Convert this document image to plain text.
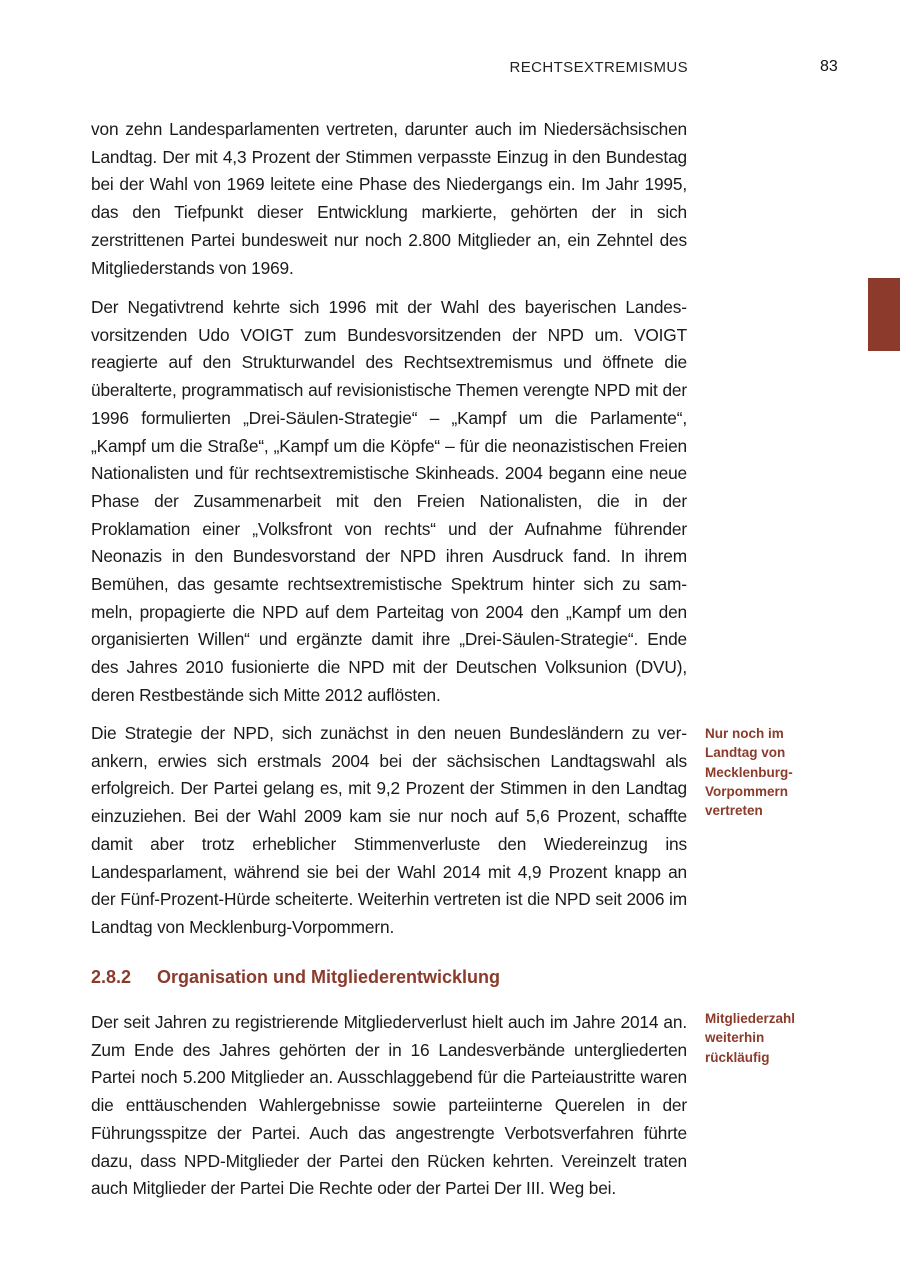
RECHTSEXTREMISMUS	83

von zehn Landesparlamenten vertreten, darunter auch im Niedersächsischen Landtag. Der mit 4,3 Prozent der Stimmen verpasste Einzug in den Bundestag bei der Wahl von 1969 leitete eine Phase des Niedergangs ein. Im Jahr 1995, das den Tiefpunkt dieser Entwicklung markierte, gehörten der in sich zerstrittenen Partei bundesweit nur noch 2.800 Mitglieder an, ein Zehntel des Mitgliederstands von 1969.

Der Negativtrend kehrte sich 1996 mit der Wahl des bayerischen Landesvorsitzenden Udo VOIGT zum Bundesvorsitzenden der NPD um. VOIGT reagierte auf den Strukturwandel des Rechtsextremismus und öffnete die überalterte, programmatisch auf revisionistische Themen verengte NPD mit der 1996 formulierten „Drei-Säulen-Strategie“ – „Kampf um die Parlamente“, „Kampf um die Straße“, „Kampf um die Köpfe“ – für die neonazistischen Freien Nationalisten und für rechtsextremistische Skinheads. 2004 begann eine neue Phase der Zusammenarbeit mit den Freien Nationalisten, die in der Proklamation einer „Volksfront von rechts“ und der Aufnahme führender Neonazis in den Bundesvorstand der NPD ihren Ausdruck fand. In ihrem Bemühen, das gesamte rechtsextremistische Spektrum hinter sich zu sammeln, propagierte die NPD auf dem Parteitag von 2004 den „Kampf um den organisierten Willen“ und ergänzte damit ihre „Drei-Säulen-Strategie“. Ende des Jahres 2010 fusionierte die NPD mit der Deutschen Volksunion (DVU), deren Restbestände sich Mitte 2012 auflösten.

Die Strategie der NPD, sich zunächst in den neuen Bundesländern zu verankern, erwies sich erstmals 2004 bei der sächsischen Landtagswahl als erfolgreich. Der Partei gelang es, mit 9,2 Prozent der Stimmen in den Landtag einzuziehen. Bei der Wahl 2009 kam sie nur noch auf 5,6 Prozent, schaffte damit aber trotz erheblicher Stimmenverluste den Wiedereinzug ins Landesparlament, während sie bei der Wahl 2014 mit 4,9 Prozent knapp an der Fünf-Prozent-Hürde scheiterte. Weiterhin vertreten ist die NPD seit 2006 im Landtag von Mecklenburg-Vorpommern.

2.8.2 Organisation und Mitgliederentwicklung

Der seit Jahren zu registrierende Mitgliederverlust hielt auch im Jahre 2014 an. Zum Ende des Jahres gehörten der in 16 Landesverbände untergliederten Partei noch 5.200 Mitglieder an. Ausschlaggebend für die Parteiaustritte waren die enttäuschenden Wahlergebnisse sowie parteiinterne Querelen in der Führungsspitze der Partei. Auch das angestrengte Verbotsverfahren führte dazu, dass NPD-Mitglieder der Partei den Rücken kehrten. Vereinzelt traten auch Mitglieder der Partei Die Rechte oder der Partei Der III. Weg bei.

Nur noch im Landtag von Mecklenburg-Vorpommern vertreten

Mitgliederzahl weiterhin rückläufig
